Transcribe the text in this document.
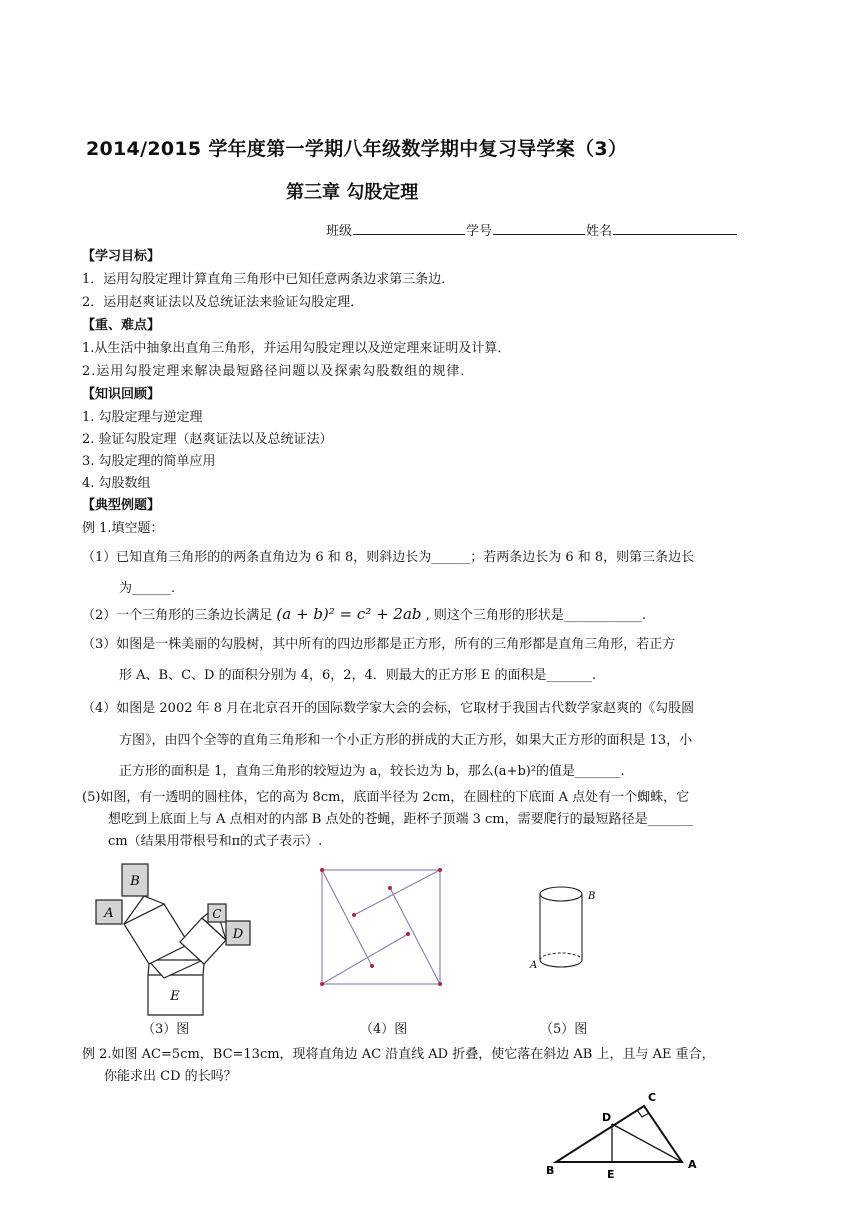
2014/2015 学年度第一学期八年级数学期中复习导学案（3）
第三章 勾股定理
班级	学号	姓名
【学习目标】
1．运用勾股定理计算直角三角形中已知任意两条边求第三条边．
2．运用赵爽证法以及总统证法来验证勾股定理．
【重、难点】
1.从生活中抽象出直角三角形，并运用勾股定理以及逆定理来证明及计算．
2.运用勾股定理来解决最短路径问题以及探索勾股数组的规律．
【知识回顾】
1. 勾股定理与逆定理
2. 验证勾股定理（赵爽证法以及总统证法）
3. 勾股定理的简单应用
4. 勾股数组
【典型例题】
例 1.填空题：
（1）已知直角三角形的的两条直角边为 6 和 8，则斜边长为______；若两条边长为 6 和 8，则第三条边长
为______.
（2）一个三角形的三条边长满足 (a + b)² = c² + 2ab , 则这个三角形的形状是____________.
（3）如图是一株美丽的勾股树，其中所有的四边形都是正方形，所有的三角形都是直角三角形，若正方
形 A、B、C、D 的面积分别为 4，6，2，4．则最大的正方形 E 的面积是_______.
（4）如图是 2002 年 8 月在北京召开的国际数学家大会的会标，它取材于我国古代数学家赵爽的《勾股圆
方图》，由四个全等的直角三角形和一个小正方形的拼成的大正方形，如果大正方形的面积是 13，小
正方形的面积是 1，直角三角形的较短边为 a，较长边为 b，那么(a+b)²的值是_______.
(5)如图，有一透明的圆柱体，它的高为 8cm，底面半径为 2cm，在圆柱的下底面 A 点处有一个蜘蛛，它
想吃到上底面上与 A 点相对的内部 B 点处的苍蝇，距杯子顶端 3 cm，需要爬行的最短路径是_______
cm（结果用带根号和π的式子表示）.
B
A	C
D
E
（3）图	（4）图
B
A
（5）图
例 2.如图 AC=5cm，BC=13cm，现将直角边 AC 沿直线 AD 折叠，使它落在斜边 AB 上，且与 AE 重合，
你能求出 CD 的长吗？
C
D
B	E
A
